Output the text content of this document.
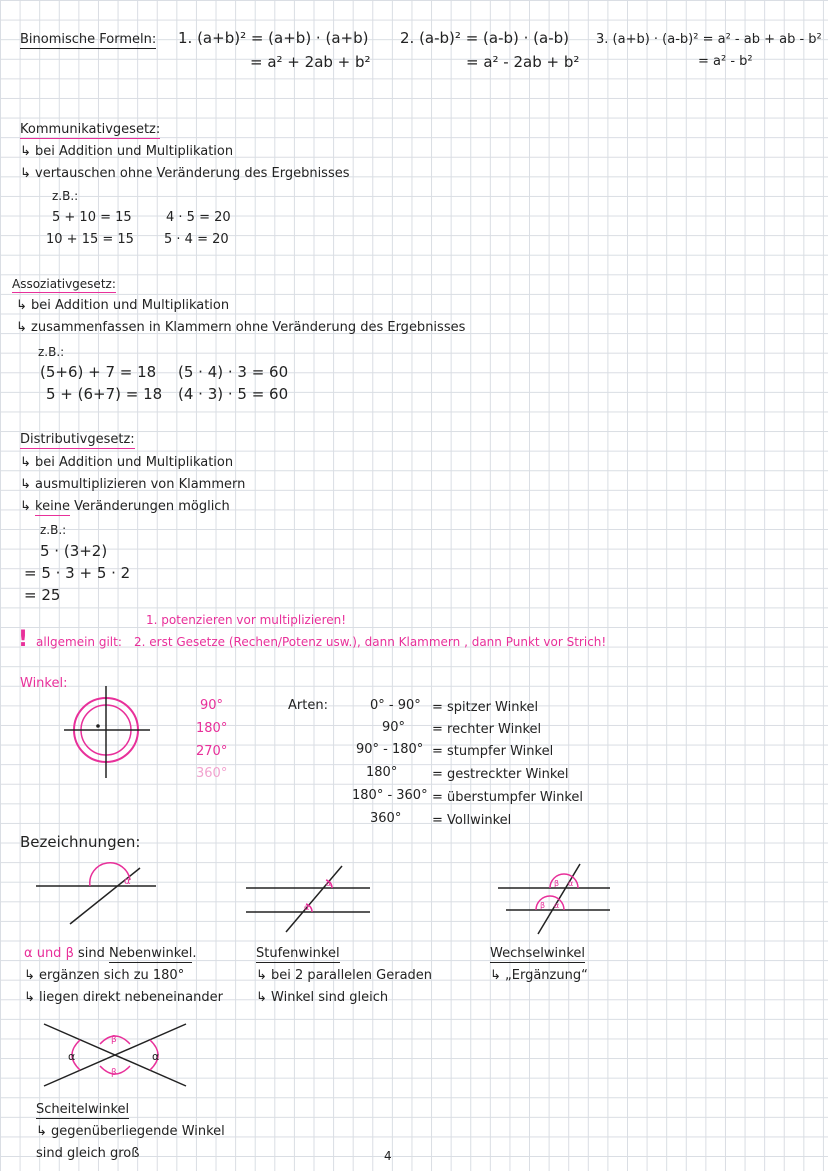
Binomische Formeln: 1. (a+b)² = (a+b) · (a+b)
= a² + 2ab + b²
2. (a-b)² = (a-b) · (a-b)
= a² - 2ab + b²
3. (a+b) · (a-b)² = a² - ab + ab - b²
= a² - b²
Kommunikativgesetz:
↳ bei Addition und Multiplikation
↳ vertauschen ohne Veränderung des Ergebnisses
z.B.:
5 + 10 = 15	4 · 5 = 20
10 + 15 = 15 5 · 4 = 20
Assoziativgesetz:
↳ bei Addition und Multiplikation
↳ zusammenfassen in Klammern ohne Veränderung des Ergebnisses
z.B.:
(5+6) + 7 = 18 (5 · 4) · 3 = 60
5 + (6+7) = 18 (4 · 3) · 5 = 60
Distributivgesetz:
↳ bei Addition und Multiplikation
↳ ausmultiplizieren von Klammern
↳ keine Veränderungen möglich
z.B.:
5 · (3+2)
= 5 · 3 + 5 · 2
= 25
1. potenzieren vor multiplizieren!
! allgemein gilt: 2. erst Gesetze (Rechen/Potenz usw.), dann Klammern , dann Punkt vor Strich!
Winkel:
90°
180°
270°
360°
Arten:	0° - 90° = spitzer Winkel
90° = rechter Winkel
90° - 180° = stumpfer Winkel
180°	= gestreckter Winkel
180° - 360° = überstumpfer Winkel
360° = Vollwinkel
Bezeichnungen:
α	α
α
β α
β α
α und β sind Nebenwinkel.
↳ ergänzen sich zu 180°
↳ liegen direkt nebeneinander
Stufenwinkel
↳ bei 2 parallelen Geraden
↳ Winkel sind gleich
Wechselwinkel
↳ „Ergänzung“
α	α
β
β
Scheitelwinkel
↳ gegenüberliegende Winkel
sind gleich groß	4
